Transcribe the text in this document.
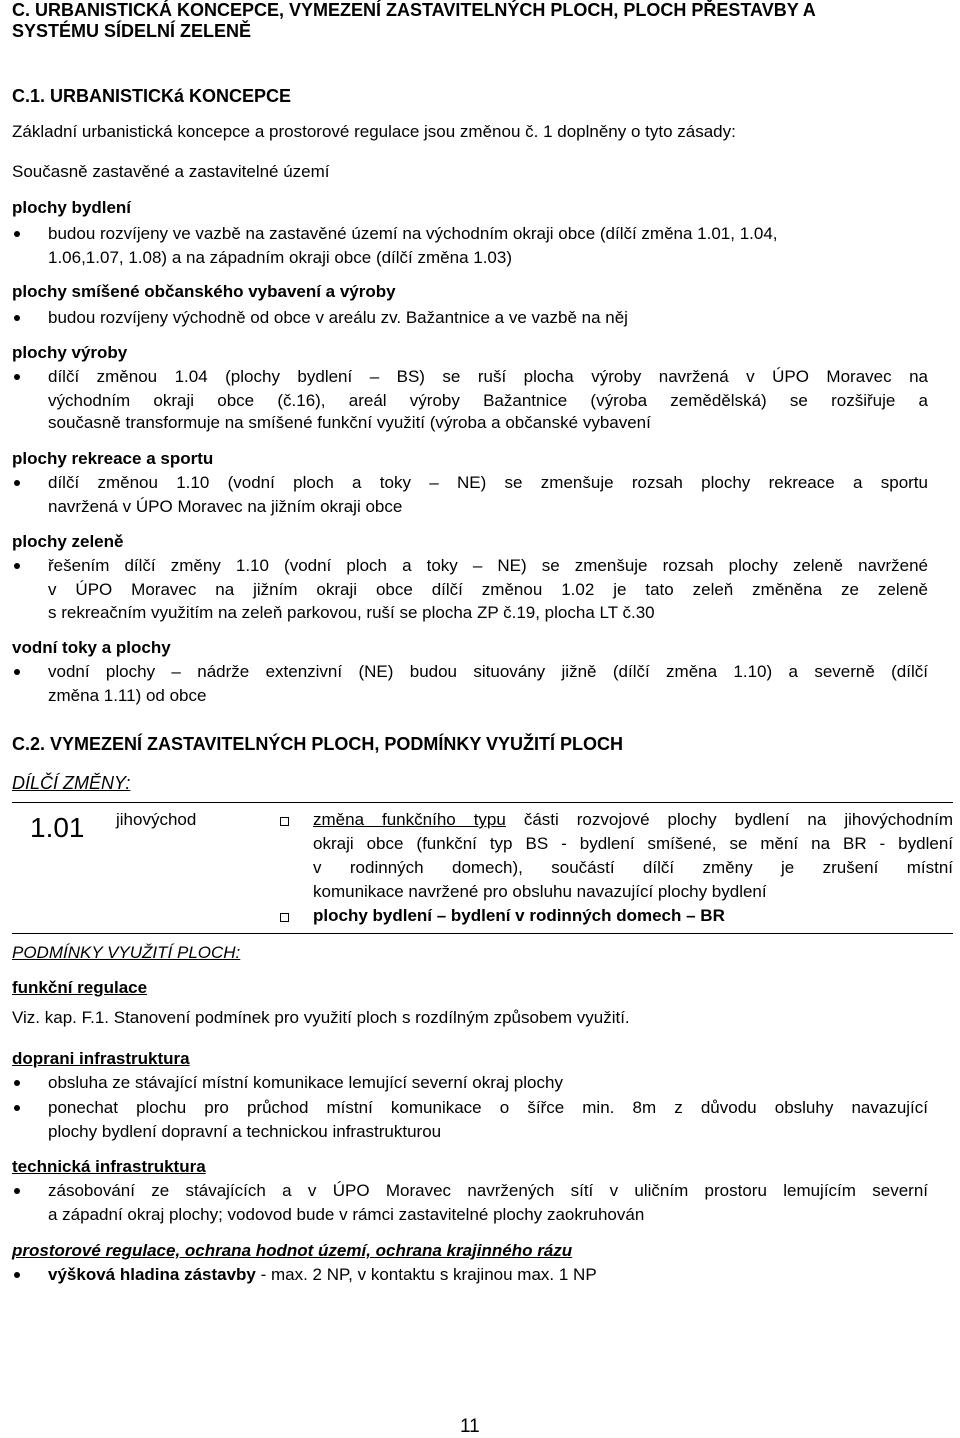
C. URBANISTICKÁ KONCEPCE, VYMEZENÍ ZASTAVITELNÝCH PLOCH, PLOCH PŘESTAVBY A
SYSTÉMU SÍDELNÍ ZELENĚ
C.1. URBANISTICKá KONCEPCE
Základní urbanistická koncepce a prostorové regulace jsou změnou č. 1 doplněny o tyto zásady:
Současně zastavěné a zastavitelné území
plochy bydlení
budou rozvíjeny ve vazbě na zastavěné území na východním okraji obce (dílčí změna 1.01, 1.04,
1.06,1.07, 1.08) a na západním okraji obce (dílčí změna 1.03)
plochy smíšené občanského vybavení a výroby
budou rozvíjeny východně od obce v areálu zv. Bažantnice a ve vazbě na něj
plochy výroby
dílčí změnou 1.04 (plochy bydlení – BS) se ruší plocha výroby navržená v ÚPO Moravec na
východním okraji obce (č.16), areál výroby Bažantnice (výroba zemědělská) se rozšiřuje a
současně transformuje na smíšené funkční využití (výroba a občanské vybavení
plochy rekreace a sportu
dílčí změnou 1.10 (vodní ploch a toky – NE) se zmenšuje rozsah plochy rekreace a sportu
navržená v ÚPO Moravec na jižním okraji obce
plochy zeleně
řešením dílčí změny 1.10 (vodní ploch a toky – NE) se zmenšuje rozsah plochy zeleně navržené
v ÚPO Moravec na jižním okraji obce dílčí změnou 1.02 je tato zeleň změněna ze zeleně
s rekreačním využitím na zeleň parkovou, ruší se plocha ZP č.19, plocha LT č.30
vodní toky a plochy
vodní plochy – nádrže extenzivní (NE) budou situovány jižně (dílčí změna 1.10) a severně (dílčí
změna 1.11) od obce
C.2. VYMEZENÍ ZASTAVITELNÝCH PLOCH, PODMÍNKY VYUŽITÍ PLOCH
DÍLČÍ ZMĚNY:
1.01 jihovýchod	změna funkčního typu části rozvojové plochy bydlení na jihovýchodním
okraji obce (funkční typ BS - bydlení smíšené, se mění na BR - bydlení
v rodinných domech), součástí dílčí změny je zrušení místní
komunikace navržené pro obsluhu navazující plochy bydlení
plochy bydlení – bydlení v rodinných domech – BR
PODMÍNKY VYUŽITÍ PLOCH:
funkční regulace
Viz. kap. F.1. Stanovení podmínek pro využití ploch s rozdílným způsobem využití.
doprani infrastruktura
obsluha ze stávající místní komunikace lemující severní okraj plochy
ponechat plochu pro průchod místní komunikace o šířce min. 8m z důvodu obsluhy navazující
plochy bydlení dopravní a technickou infrastrukturou
technická infrastruktura
zásobování ze stávajících a v ÚPO Moravec navržených sítí v uličním prostoru lemujícím severní
a západní okraj plochy; vodovod bude v rámci zastavitelné plochy zaokruhován
prostorové regulace, ochrana hodnot území, ochrana krajinného rázu
výšková hladina zástavby - max. 2 NP, v kontaktu s krajinou max. 1 NP
11
